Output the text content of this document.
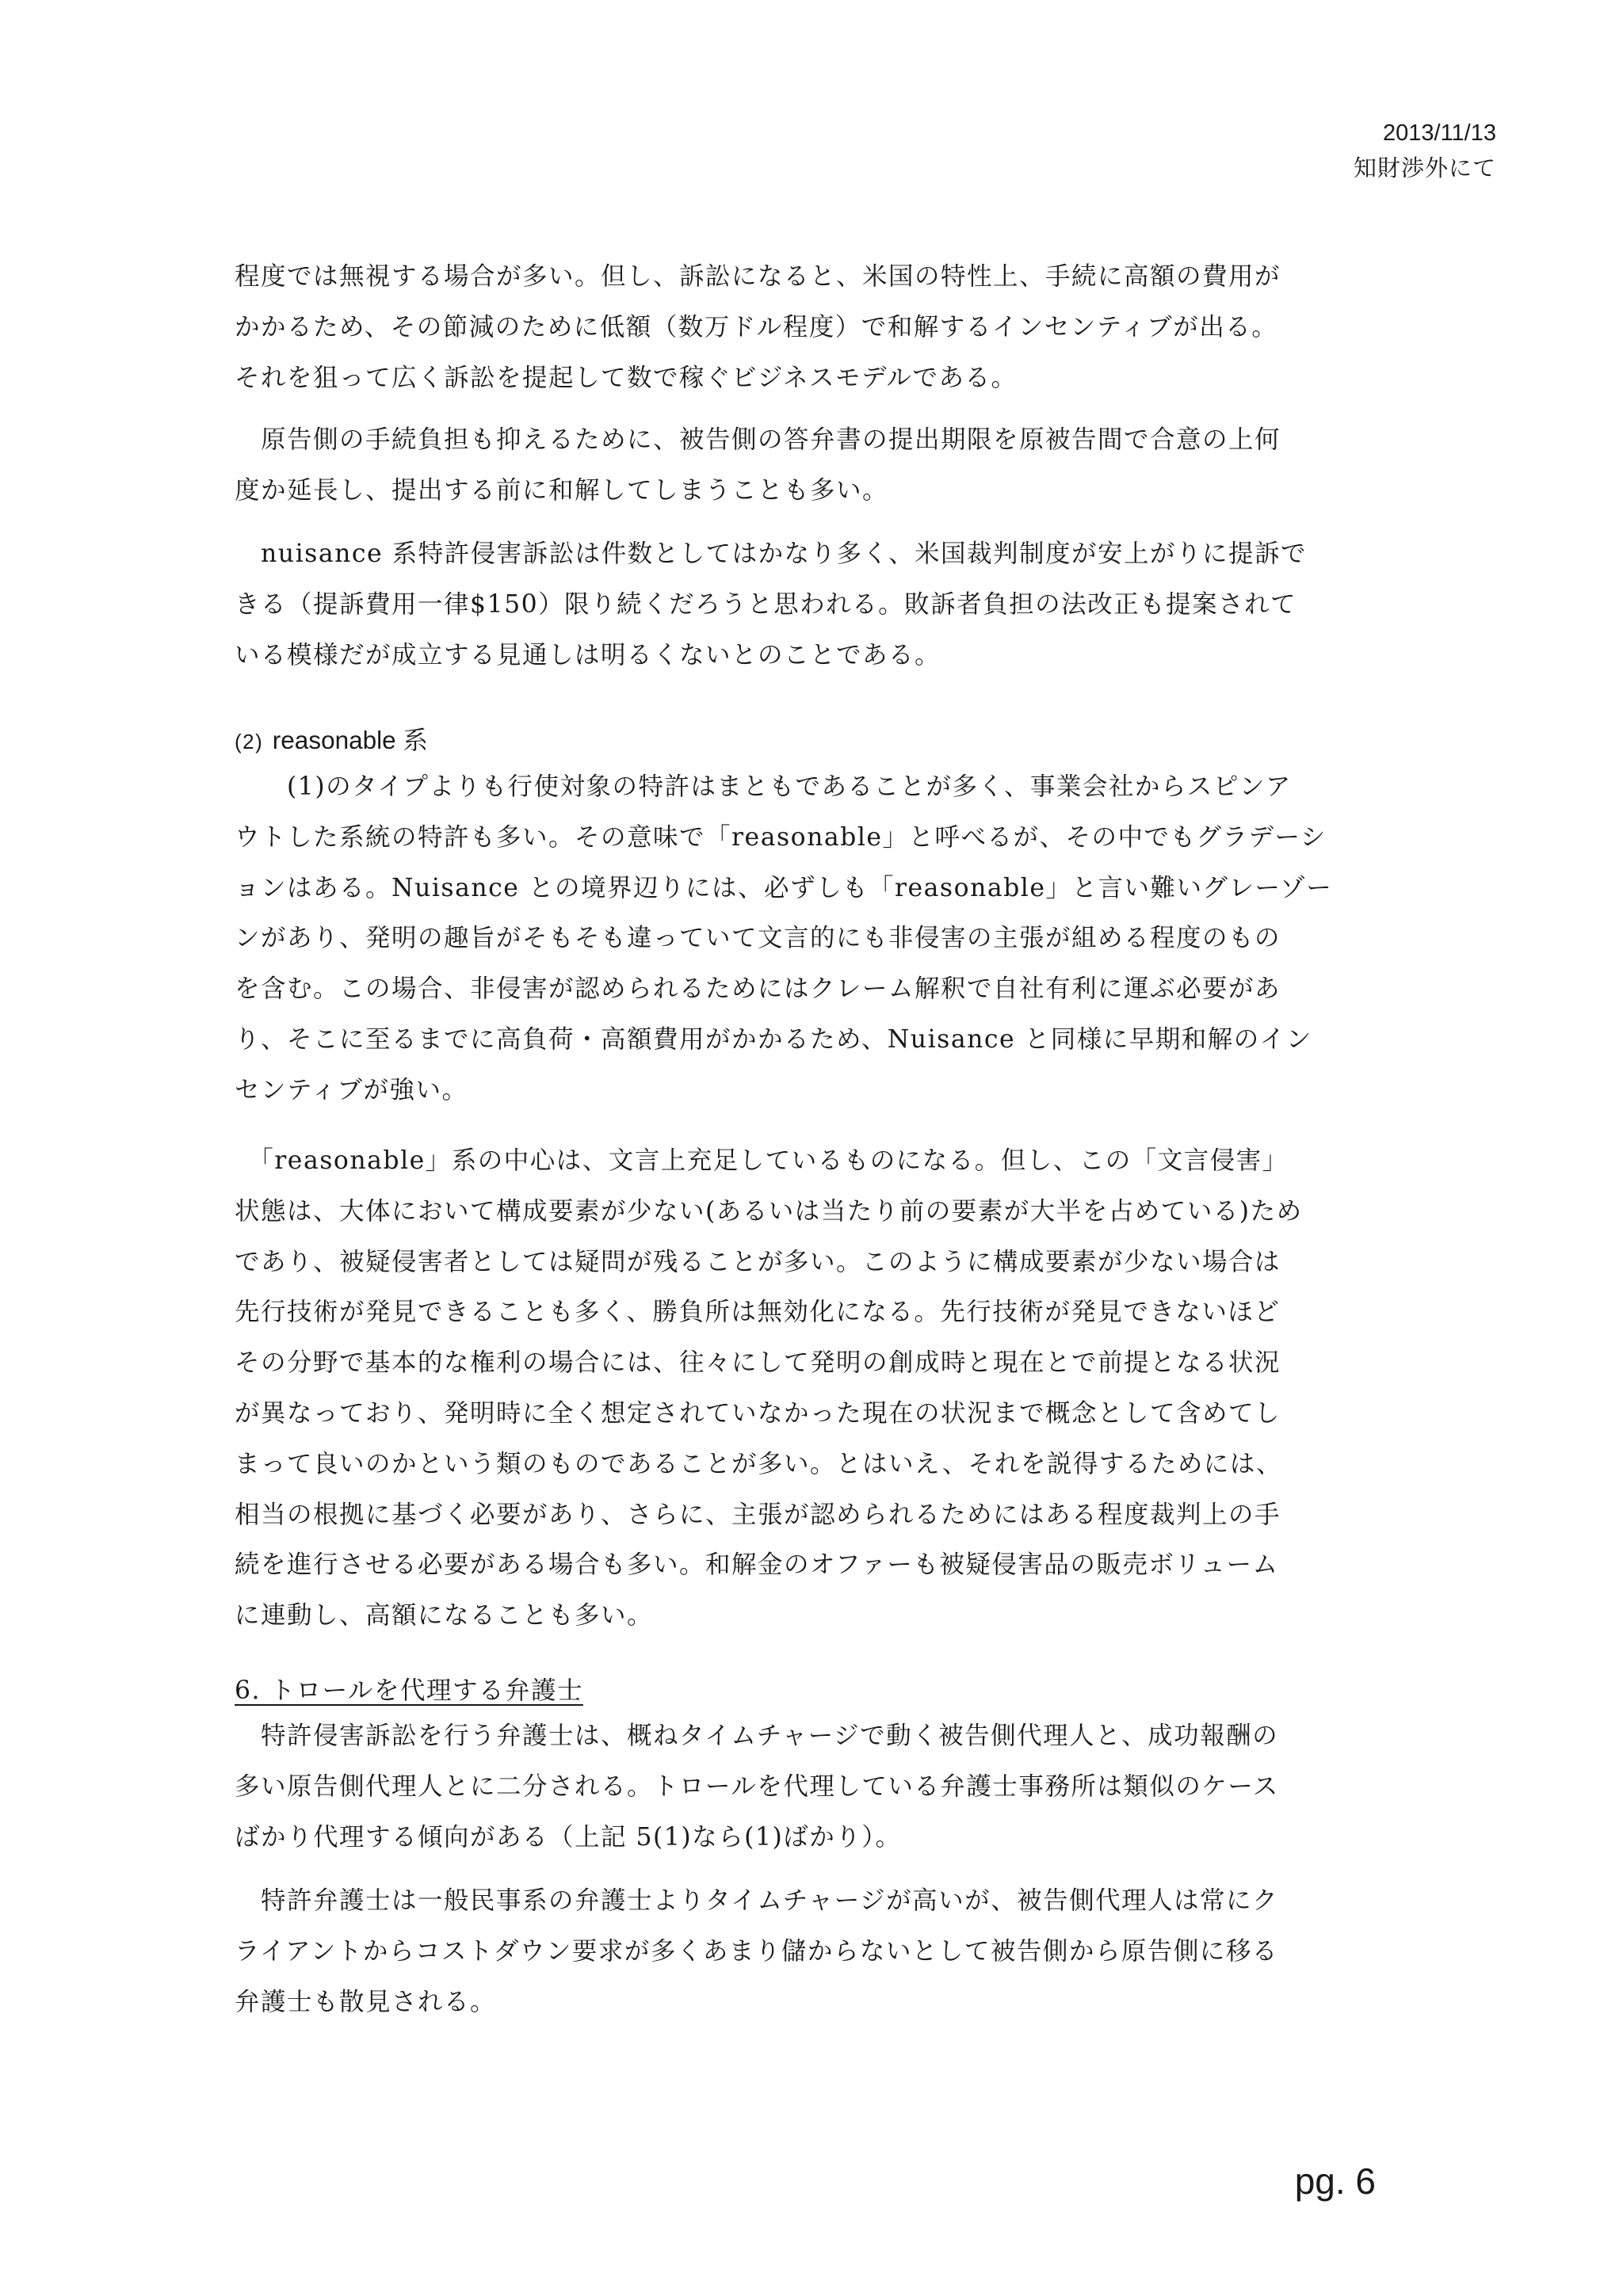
2013/11/13
知財渉外にて
程度では無視する場合が多い。但し、訴訟になると、米国の特性上、手続に高額の費用が
かかるため、その節減のために低額（数万ドル程度）で和解するインセンティブが出る。
それを狙って広く訴訟を提起して数で稼ぐビジネスモデルである。
　原告側の手続負担も抑えるために、被告側の答弁書の提出期限を原被告間で合意の上何
度か延長し、提出する前に和解してしまうことも多い。
　nuisance 系特許侵害訴訟は件数としてはかなり多く、米国裁判制度が安上がりに提訴で
きる（提訴費用一律$150）限り続くだろうと思われる。敗訴者負担の法改正も提案されて
いる模様だが成立する見通しは明るくないとのことである。
(2) reasonable 系
　　(1)のタイプよりも行使対象の特許はまともであることが多く、事業会社からスピンア
ウトした系統の特許も多い。その意味で「reasonable」と呼べるが、その中でもグラデーシ
ョンはある。Nuisance との境界辺りには、必ずしも「reasonable」と言い難いグレーゾー
ンがあり、発明の趣旨がそもそも違っていて文言的にも非侵害の主張が組める程度のもの
を含む。この場合、非侵害が認められるためにはクレーム解釈で自社有利に運ぶ必要があ
り、そこに至るまでに高負荷・高額費用がかかるため、Nuisance と同様に早期和解のイン
センティブが強い。
　「reasonable」系の中心は、文言上充足しているものになる。但し、この「文言侵害」
状態は、大体において構成要素が少ない(あるいは当たり前の要素が大半を占めている)ため
であり、被疑侵害者としては疑問が残ることが多い。このように構成要素が少ない場合は
先行技術が発見できることも多く、勝負所は無効化になる。先行技術が発見できないほど
その分野で基本的な権利の場合には、往々にして発明の創成時と現在とで前提となる状況
が異なっており、発明時に全く想定されていなかった現在の状況まで概念として含めてし
まって良いのかという類のものであることが多い。とはいえ、それを説得するためには、
相当の根拠に基づく必要があり、さらに、主張が認められるためにはある程度裁判上の手
続を進行させる必要がある場合も多い。和解金のオファーも被疑侵害品の販売ボリューム
に連動し、高額になることも多い。
6. トロールを代理する弁護士
　特許侵害訴訟を行う弁護士は、概ねタイムチャージで動く被告側代理人と、成功報酬の
多い原告側代理人とに二分される。トロールを代理している弁護士事務所は類似のケース
ばかり代理する傾向がある（上記 5(1)なら(1)ばかり）。
　特許弁護士は一般民事系の弁護士よりタイムチャージが高いが、被告側代理人は常にク
ライアントからコストダウン要求が多くあまり儲からないとして被告側から原告側に移る
弁護士も散見される。
pg. 6
